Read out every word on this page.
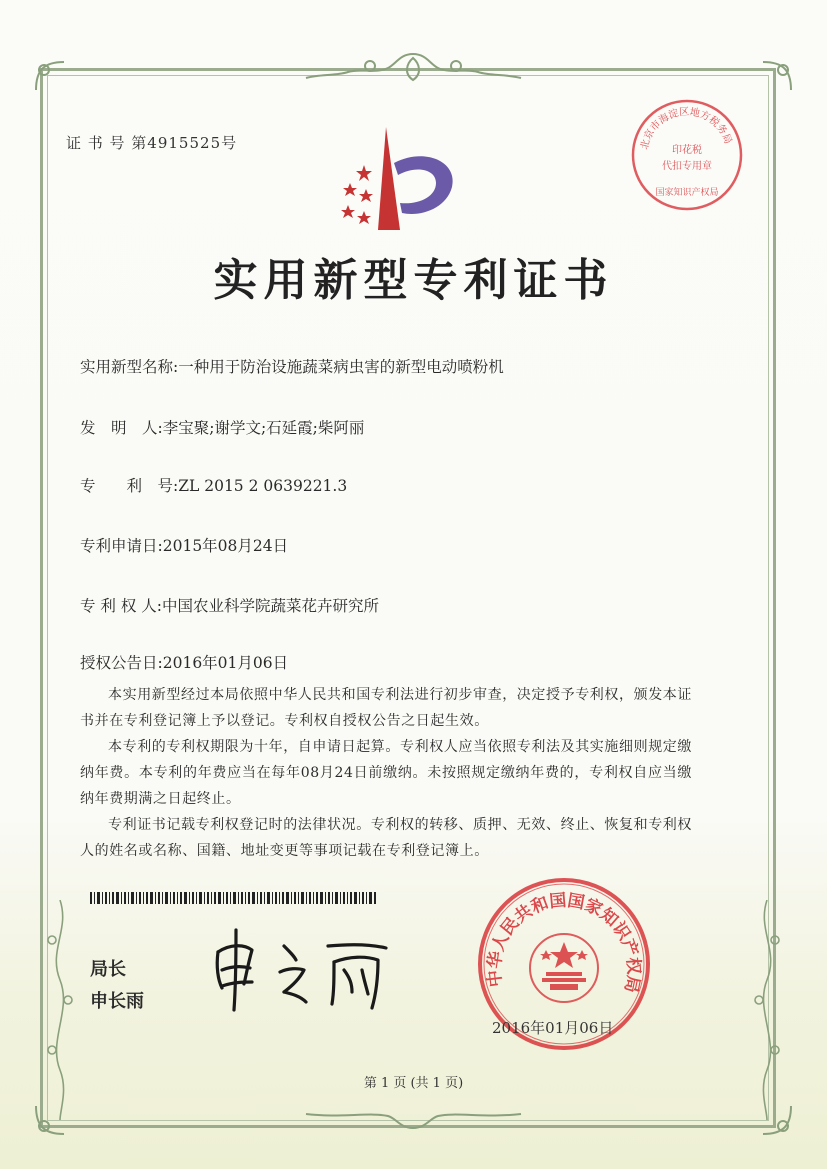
证 书 号 第4915525号	北京市海淀区地方税务局
印花税
代扣专用章
国家知识产权局
实用新型专利证书
实用新型名称:一种用于防治设施蔬菜病虫害的新型电动喷粉机
发　明　人:李宝聚;谢学文;石延霞;柴阿丽
专　　利　号:ZL 2015 2 0639221.3
专利申请日:2015年08月24日
专 利 权 人:中国农业科学院蔬菜花卉研究所
授权公告日:2016年01月06日

本实用新型经过本局依照中华人民共和国专利法进行初步审查，决定授予专利权，颁发本证书并在专利登记簿上予以登记。专利权自授权公告之日起生效。

本专利的专利权期限为十年，自申请日起算。专利权人应当依照专利法及其实施细则规定缴纳年费。本专利的年费应当在每年08月24日前缴纳。未按照规定缴纳年费的，专利权自应当缴纳年费期满之日起终止。

专利证书记载专利权登记时的法律状况。专利权的转移、质押、无效、终止、恢复和专利权人的姓名或名称、国籍、地址变更等事项记载在专利登记簿上。

局长
申长雨
中华人民共和国国家知识产权局
2016年01月06日
第 1 页 (共 1 页)
